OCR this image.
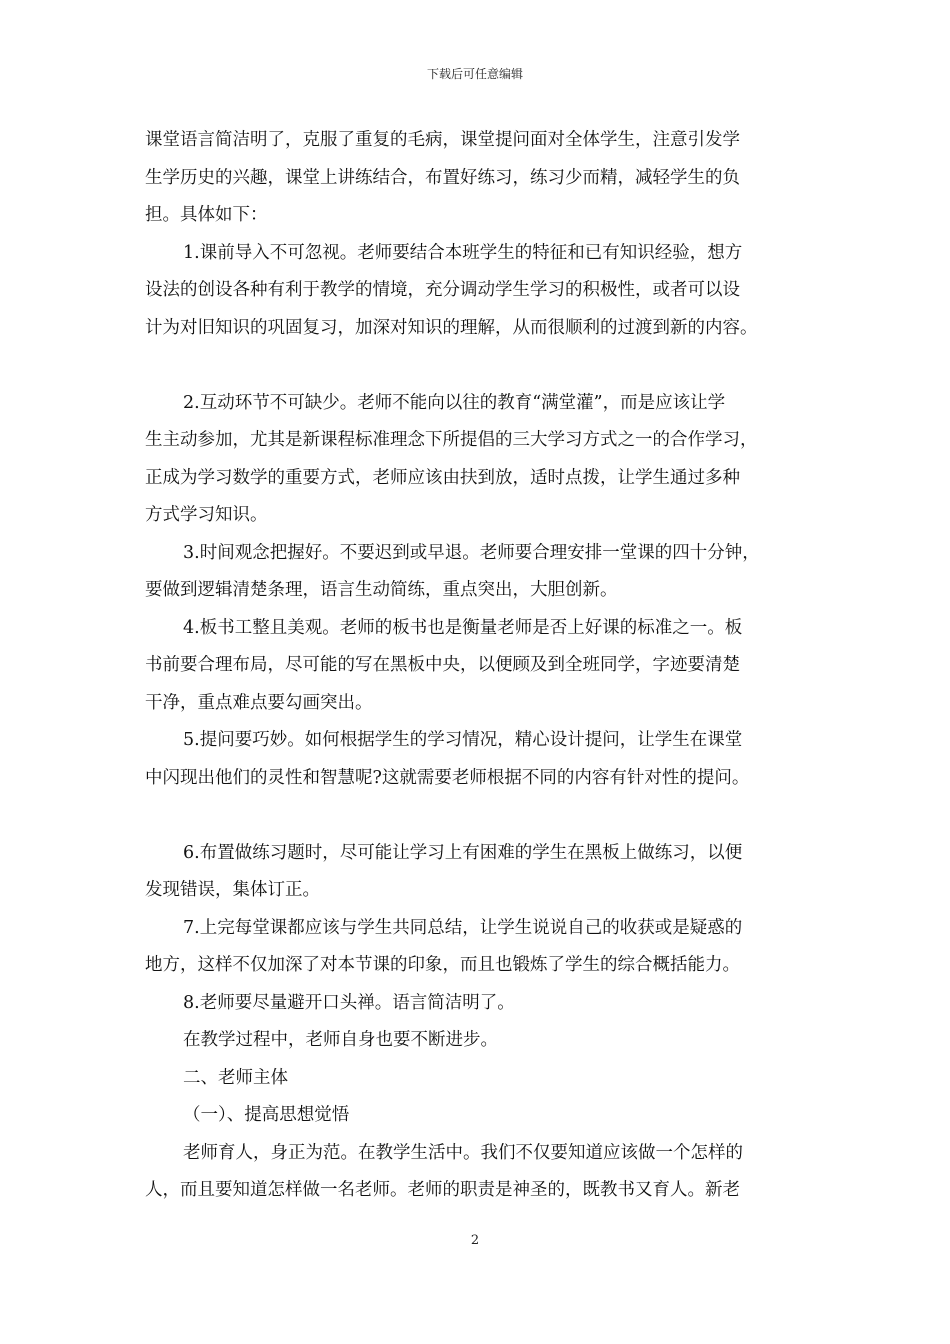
下载后可任意编辑

课堂语言简洁明了，克服了重复的毛病，课堂提问面对全体学生，注意引发学

生学历史的兴趣，课堂上讲练结合，布置好练习，练习少而精，减轻学生的负

担。具体如下：

1.课前导入不可忽视。老师要结合本班学生的特征和已有知识经验，想方

设法的创设各种有利于教学的情境，充分调动学生学习的积极性，或者可以设

计为对旧知识的巩固复习，加深对知识的理解，从而很顺利的过渡到新的内容。

2.互动环节不可缺少。老师不能向以往的教育“满堂灌”，而是应该让学

生主动参加，尤其是新课程标准理念下所提倡的三大学习方式之一的合作学习，

正成为学习数学的重要方式，老师应该由扶到放，适时点拨，让学生通过多种

方式学习知识。

3.时间观念把握好。不要迟到或早退。老师要合理安排一堂课的四十分钟，

要做到逻辑清楚条理，语言生动简练，重点突出，大胆创新。

4.板书工整且美观。老师的板书也是衡量老师是否上好课的标准之一。板

书前要合理布局，尽可能的写在黑板中央，以便顾及到全班同学，字迹要清楚

干净，重点难点要勾画突出。

5.提问要巧妙。如何根据学生的学习情况，精心设计提问，让学生在课堂

中闪现出他们的灵性和智慧呢?这就需要老师根据不同的内容有针对性的提问。

6.布置做练习题时，尽可能让学习上有困难的学生在黑板上做练习，以便

发现错误，集体订正。

7.上完每堂课都应该与学生共同总结，让学生说说自己的收获或是疑惑的

地方，这样不仅加深了对本节课的印象，而且也锻炼了学生的综合概括能力。

8.老师要尽量避开口头禅。语言简洁明了。

在教学过程中，老师自身也要不断进步。

二、老师主体

（一）、提高思想觉悟

老师育人，身正为范。在教学生活中。我们不仅要知道应该做一个怎样的

人，而且要知道怎样做一名老师。老师的职责是神圣的，既教书又育人。新老

2
